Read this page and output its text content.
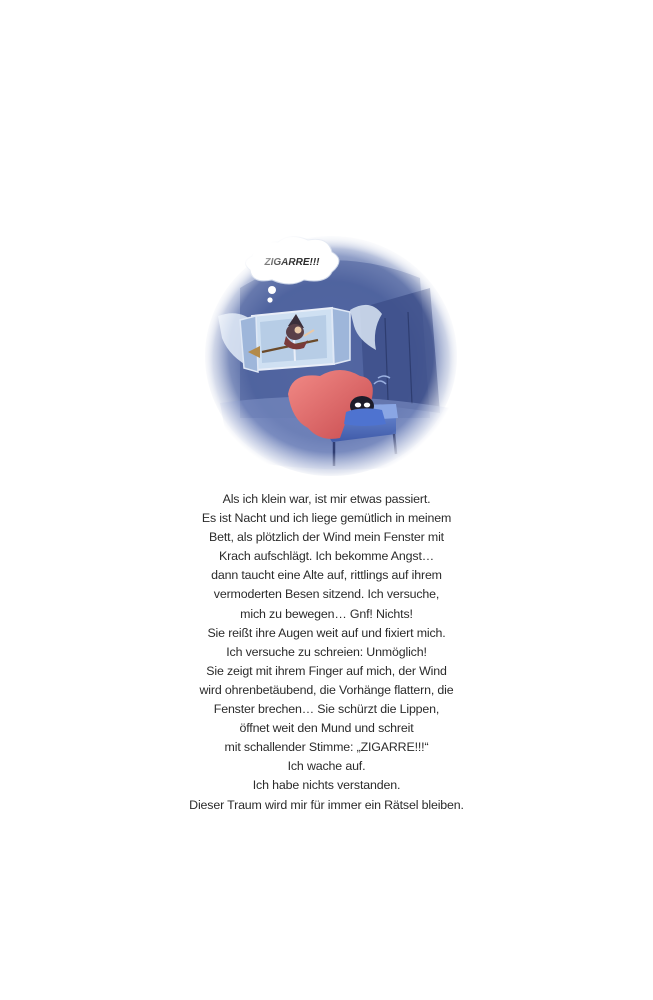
Als ich klein war, ist mir etwas passiert.
Es ist Nacht und ich liege gemütlich in meinem
Bett, als plötzlich der Wind mein Fenster mit
Krach aufschlägt. Ich bekomme Angst…
dann taucht eine Alte auf, rittlings auf ihrem
vermoderten Besen sitzend. Ich versuche,
mich zu bewegen… Gnf! Nichts!
Sie reißt ihre Augen weit auf und fixiert mich.
Ich versuche zu schreien: Unmöglich!
Sie zeigt mit ihrem Finger auf mich, der Wind
wird ohrenbetäubend, die Vorhänge flattern, die
Fenster brechen… Sie schürzt die Lippen,
öffnet weit den Mund und schreit
mit schallender Stimme: „ZIGARRE!!!“
Ich wache auf.
Ich habe nichts verstanden.
Dieser Traum wird mir für immer ein Rätsel bleiben.
